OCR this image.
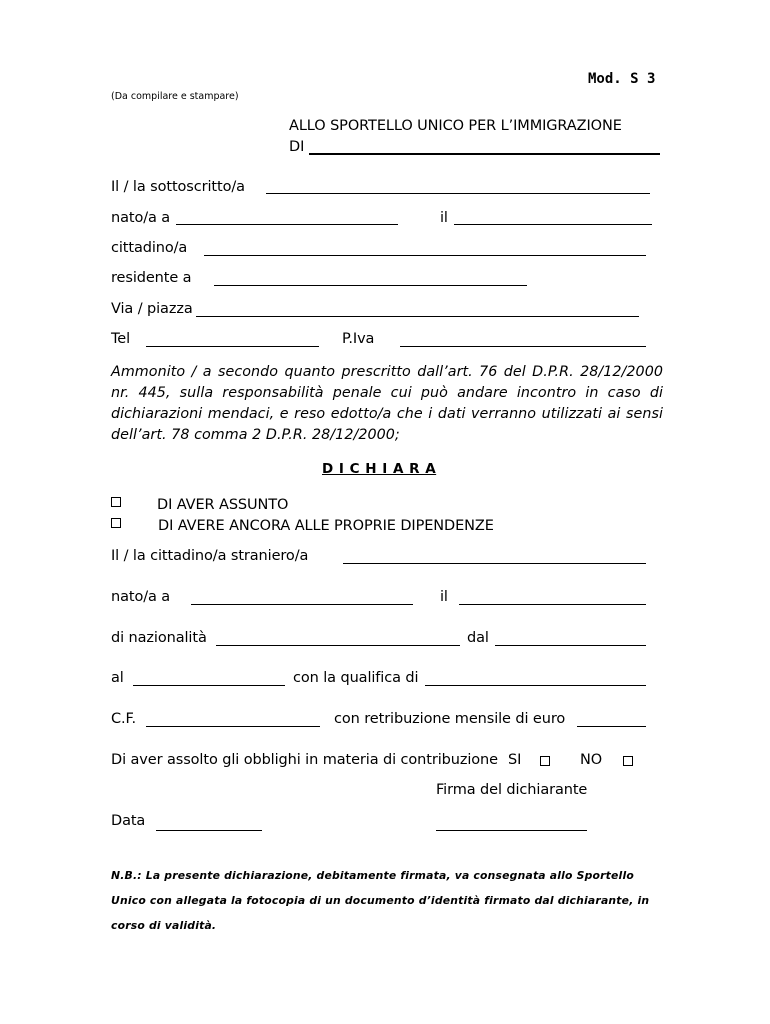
Mod. S 3
(Da compilare e stampare)
ALLO SPORTELLO UNICO PER L’IMMIGRAZIONE
DI
Il / la sottoscritto/a
nato/a a	il
cittadino/a
residente a
Via / piazza
Tel	P.Iva
Ammonito / a secondo quanto prescritto dall’art. 76 del D.P.R. 28/12/2000 nr. 445, sulla responsabilità penale cui può andare incontro in caso di dichiarazioni mendaci, e reso edotto/a che i dati verranno utilizzati ai sensi dell’art. 78 comma 2 D.P.R. 28/12/2000;
D I C H I A R A
DI AVER ASSUNTO
DI AVERE ANCORA ALLE PROPRIE DIPENDENZE
Il / la cittadino/a straniero/a
nato/a a	il
di nazionalità	dal
al	con la qualifica di
C.F.	con retribuzione mensile di euro
Di aver assolto gli obblighi in materia di contribuzione SI	NO
Firma del dichiarante
Data
N.B.: La presente dichiarazione, debitamente firmata, va consegnata allo Sportello
Unico con allegata la fotocopia di un documento d’identità firmato dal dichiarante, in
corso di validità.
